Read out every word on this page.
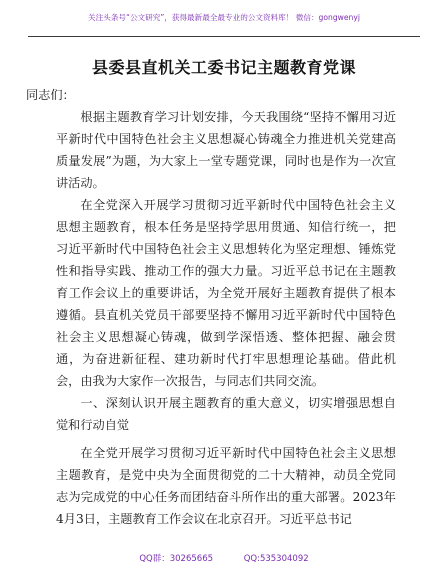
关注头条号“公文研究”，获得最新最全最专业的公文资料库！ 微信：gongwenyj
县委县直机关工委书记主题教育党课

同志们：

根据主题教育学习计划安排，今天我围绕“坚持不懈用习近平新时代中国特色社会主义思想凝心铸魂全力推进机关党建高质量发展”为题，为大家上一堂专题党课，同时也是作为一次宣讲活动。

在全党深入开展学习贯彻习近平新时代中国特色社会主义思想主题教育，根本任务是坚持学思用贯通、知信行统一，把习近平新时代中国特色社会主义思想转化为坚定理想、锤炼党性和指导实践、推动工作的强大力量。习近平总书记在主题教育工作会议上的重要讲话，为全党开展好主题教育提供了根本遵循。县直机关党员干部要坚持不懈用习近平新时代中国特色社会主义思想凝心铸魂，做到学深悟透、整体把握、融会贯通，为奋进新征程、建功新时代打牢思想理论基础。借此机会，由我为大家作一次报告，与同志们共同交流。

一、深刻认识开展主题教育的重大意义，切实增强思想自觉和行动自觉

在全党开展学习贯彻习近平新时代中国特色社会主义思想主题教育，是党中央为全面贯彻党的二十大精神，动员全党同志为完成党的中心任务而团结奋斗所作出的重大部署。2023年4月3日，主题教育工作会议在北京召开。习近平总书记

QQ群：30265665	QQ:535304092
